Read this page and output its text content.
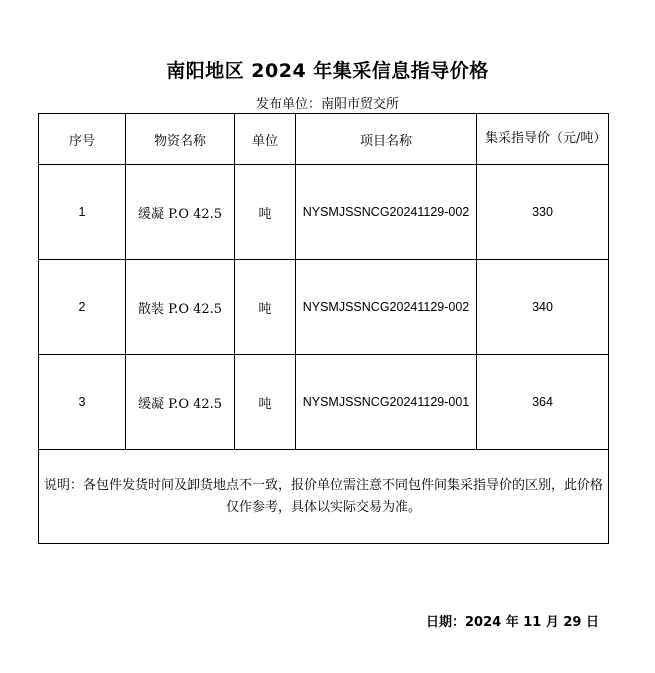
南阳地区 2024 年集采信息指导价格
发布单位：南阳市贸交所
序号	物资名称	单位	项目名称	集采指导价（元/吨）
1	缓凝 P.O 42.5	吨	NYSMJSSNCG20241129-002	330
2	散装 P.O 42.5	吨	NYSMJSSNCG20241129-002	340
3	缓凝 P.O 42.5	吨	NYSMJSSNCG20241129-001	364
说明：各包件发货时间及卸货地点不一致，报价单位需注意不同包件间集采指导价的区别，此价格仅作参考，具体以实际交易为准。				
日期：2024 年 11 月 29 日
